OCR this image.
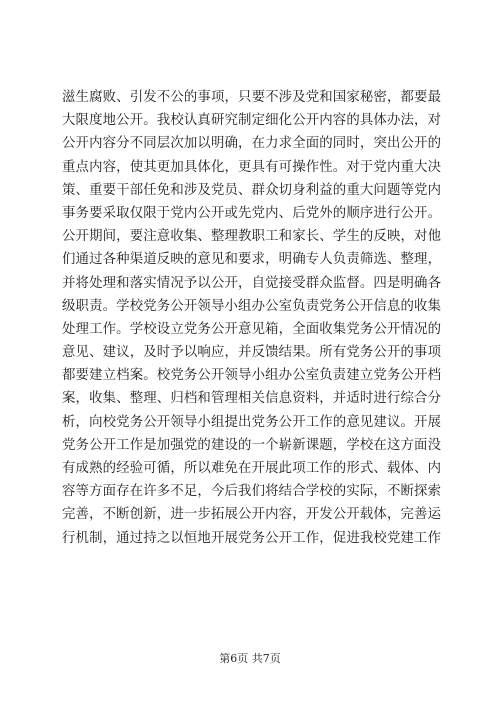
滋生腐败、引发不公的事项，只要不涉及党和国家秘密，都要最
大限度地公开。我校认真研究制定细化公开内容的具体办法，对
公开内容分不同层次加以明确，在力求全面的同时，突出公开的
重点内容，使其更加具体化，更具有可操作性。对于党内重大决
策、重要干部任免和涉及党员、群众切身利益的重大问题等党内
事务要采取仅限于党内公开或先党内、后党外的顺序进行公开。
公开期间，要注意收集、整理教职工和家长、学生的反映，对他
们通过各种渠道反映的意见和要求，明确专人负责筛选、整理，
并将处理和落实情况予以公开，自觉接受群众监督。四是明确各
级职责。学校党务公开领导小组办公室负责党务公开信息的收集
处理工作。学校设立党务公开意见箱，全面收集党务公开情况的
意见、建议，及时予以响应，并反馈结果。所有党务公开的事项
都要建立档案。校党务公开领导小组办公室负责建立党务公开档
案，收集、整理、归档和管理相关信息资料，并适时进行综合分
析，向校党务公开领导小组提出党务公开工作的意见建议。开展
党务公开工作是加强党的建设的一个崭新课题，学校在这方面没
有成熟的经验可循，所以难免在开展此项工作的形式、载体、内
容等方面存在许多不足，今后我们将结合学校的实际，不断探索
完善，不断创新，进一步拓展公开内容，开发公开载体，完善运
行机制，通过持之以恒地开展党务公开工作，促进我校党建工作
第6页 共7页
